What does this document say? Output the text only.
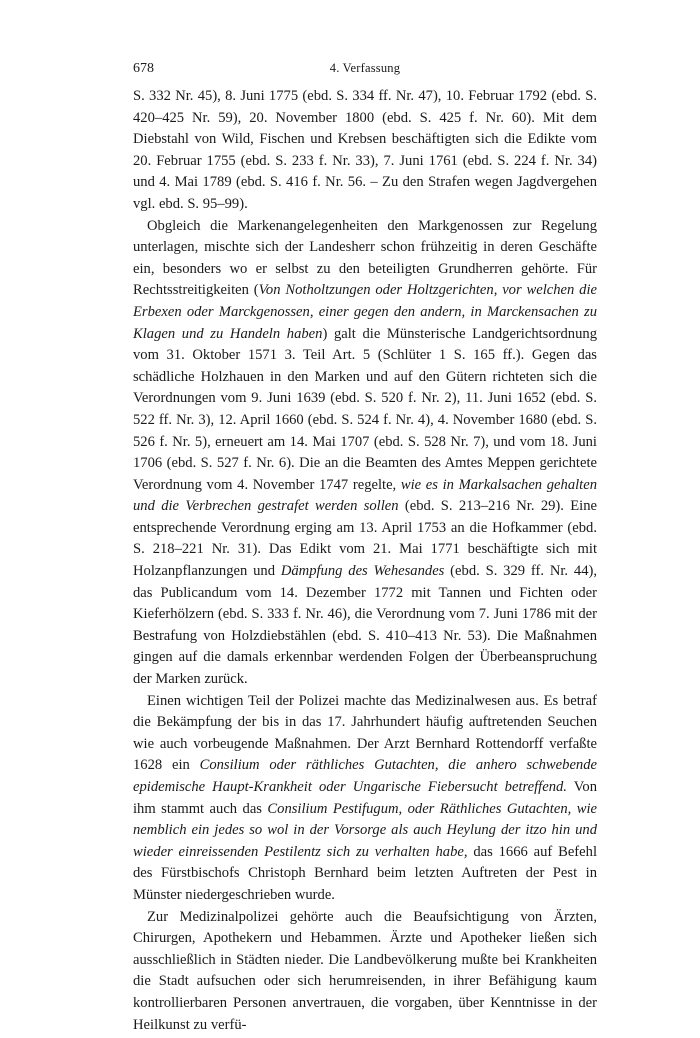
678	4. Verfassung

S. 332 Nr. 45), 8. Juni 1775 (ebd. S. 334 ff. Nr. 47), 10. Februar 1792 (ebd. S. 420–425 Nr. 59), 20. November 1800 (ebd. S. 425 f. Nr. 60). Mit dem Diebstahl von Wild, Fischen und Krebsen beschäftigten sich die Edikte vom 20. Februar 1755 (ebd. S. 233 f. Nr. 33), 7. Juni 1761 (ebd. S. 224 f. Nr. 34) und 4. Mai 1789 (ebd. S. 416 f. Nr. 56. – Zu den Strafen wegen Jagdvergehen vgl. ebd. S. 95–99).

Obgleich die Markenangelegenheiten den Markgenossen zur Regelung unterlagen, mischte sich der Landesherr schon frühzeitig in deren Geschäfte ein, besonders wo er selbst zu den beteiligten Grundherren gehörte. Für Rechtsstreitigkeiten (Von Notholtzungen oder Holtzgerichten, vor welchen die Erbexen oder Marckgenossen, einer gegen den andern, in Marckensachen zu Klagen und zu Handeln haben) galt die Münsterische Landgerichtsordnung vom 31. Oktober 1571 3. Teil Art. 5 (Schlüter 1 S. 165 ff.). Gegen das schädliche Holzhauen in den Marken und auf den Gütern richteten sich die Verordnungen vom 9. Juni 1639 (ebd. S. 520 f. Nr. 2), 11. Juni 1652 (ebd. S. 522 ff. Nr. 3), 12. April 1660 (ebd. S. 524 f. Nr. 4), 4. November 1680 (ebd. S. 526 f. Nr. 5), erneuert am 14. Mai 1707 (ebd. S. 528 Nr. 7), und vom 18. Juni 1706 (ebd. S. 527 f. Nr. 6). Die an die Beamten des Amtes Meppen gerichtete Verordnung vom 4. November 1747 regelte, wie es in Markalsachen gehalten und die Verbrechen gestrafet werden sollen (ebd. S. 213–216 Nr. 29). Eine entsprechende Verordnung erging am 13. April 1753 an die Hofkammer (ebd. S. 218–221 Nr. 31). Das Edikt vom 21. Mai 1771 beschäftigte sich mit Holzanpflanzungen und Dämpfung des Wehesandes (ebd. S. 329 ff. Nr. 44), das Publicandum vom 14. Dezember 1772 mit Tannen und Fichten oder Kieferhölzern (ebd. S. 333 f. Nr. 46), die Verordnung vom 7. Juni 1786 mit der Bestrafung von Holzdiebstählen (ebd. S. 410–413 Nr. 53). Die Maßnahmen gingen auf die damals erkennbar werdenden Folgen der Überbeanspruchung der Marken zurück.

Einen wichtigen Teil der Polizei machte das Medizinalwesen aus. Es betraf die Bekämpfung der bis in das 17. Jahrhundert häufig auftretenden Seuchen wie auch vorbeugende Maßnahmen. Der Arzt Bernhard Rottendorff verfaßte 1628 ein Consilium oder räthliches Gutachten, die anhero schwebende epidemische Haupt-Krankheit oder Ungarische Fiebersucht betreffend. Von ihm stammt auch das Consilium Pestifugum, oder Räthliches Gutachten, wie nemblich ein jedes so wol in der Vorsorge als auch Heylung der itzo hin und wieder einreissenden Pestilentz sich zu verhalten habe, das 1666 auf Befehl des Fürstbischofs Christoph Bernhard beim letzten Auftreten der Pest in Münster niedergeschrieben wurde.

Zur Medizinalpolizei gehörte auch die Beaufsichtigung von Ärzten, Chirurgen, Apothekern und Hebammen. Ärzte und Apotheker ließen sich ausschließlich in Städten nieder. Die Landbevölkerung mußte bei Krankheiten die Stadt aufsuchen oder sich herumreisenden, in ihrer Befähigung kaum kontrollierbaren Personen anvertrauen, die vorgaben, über Kenntnisse in der Heilkunst zu verfü-
